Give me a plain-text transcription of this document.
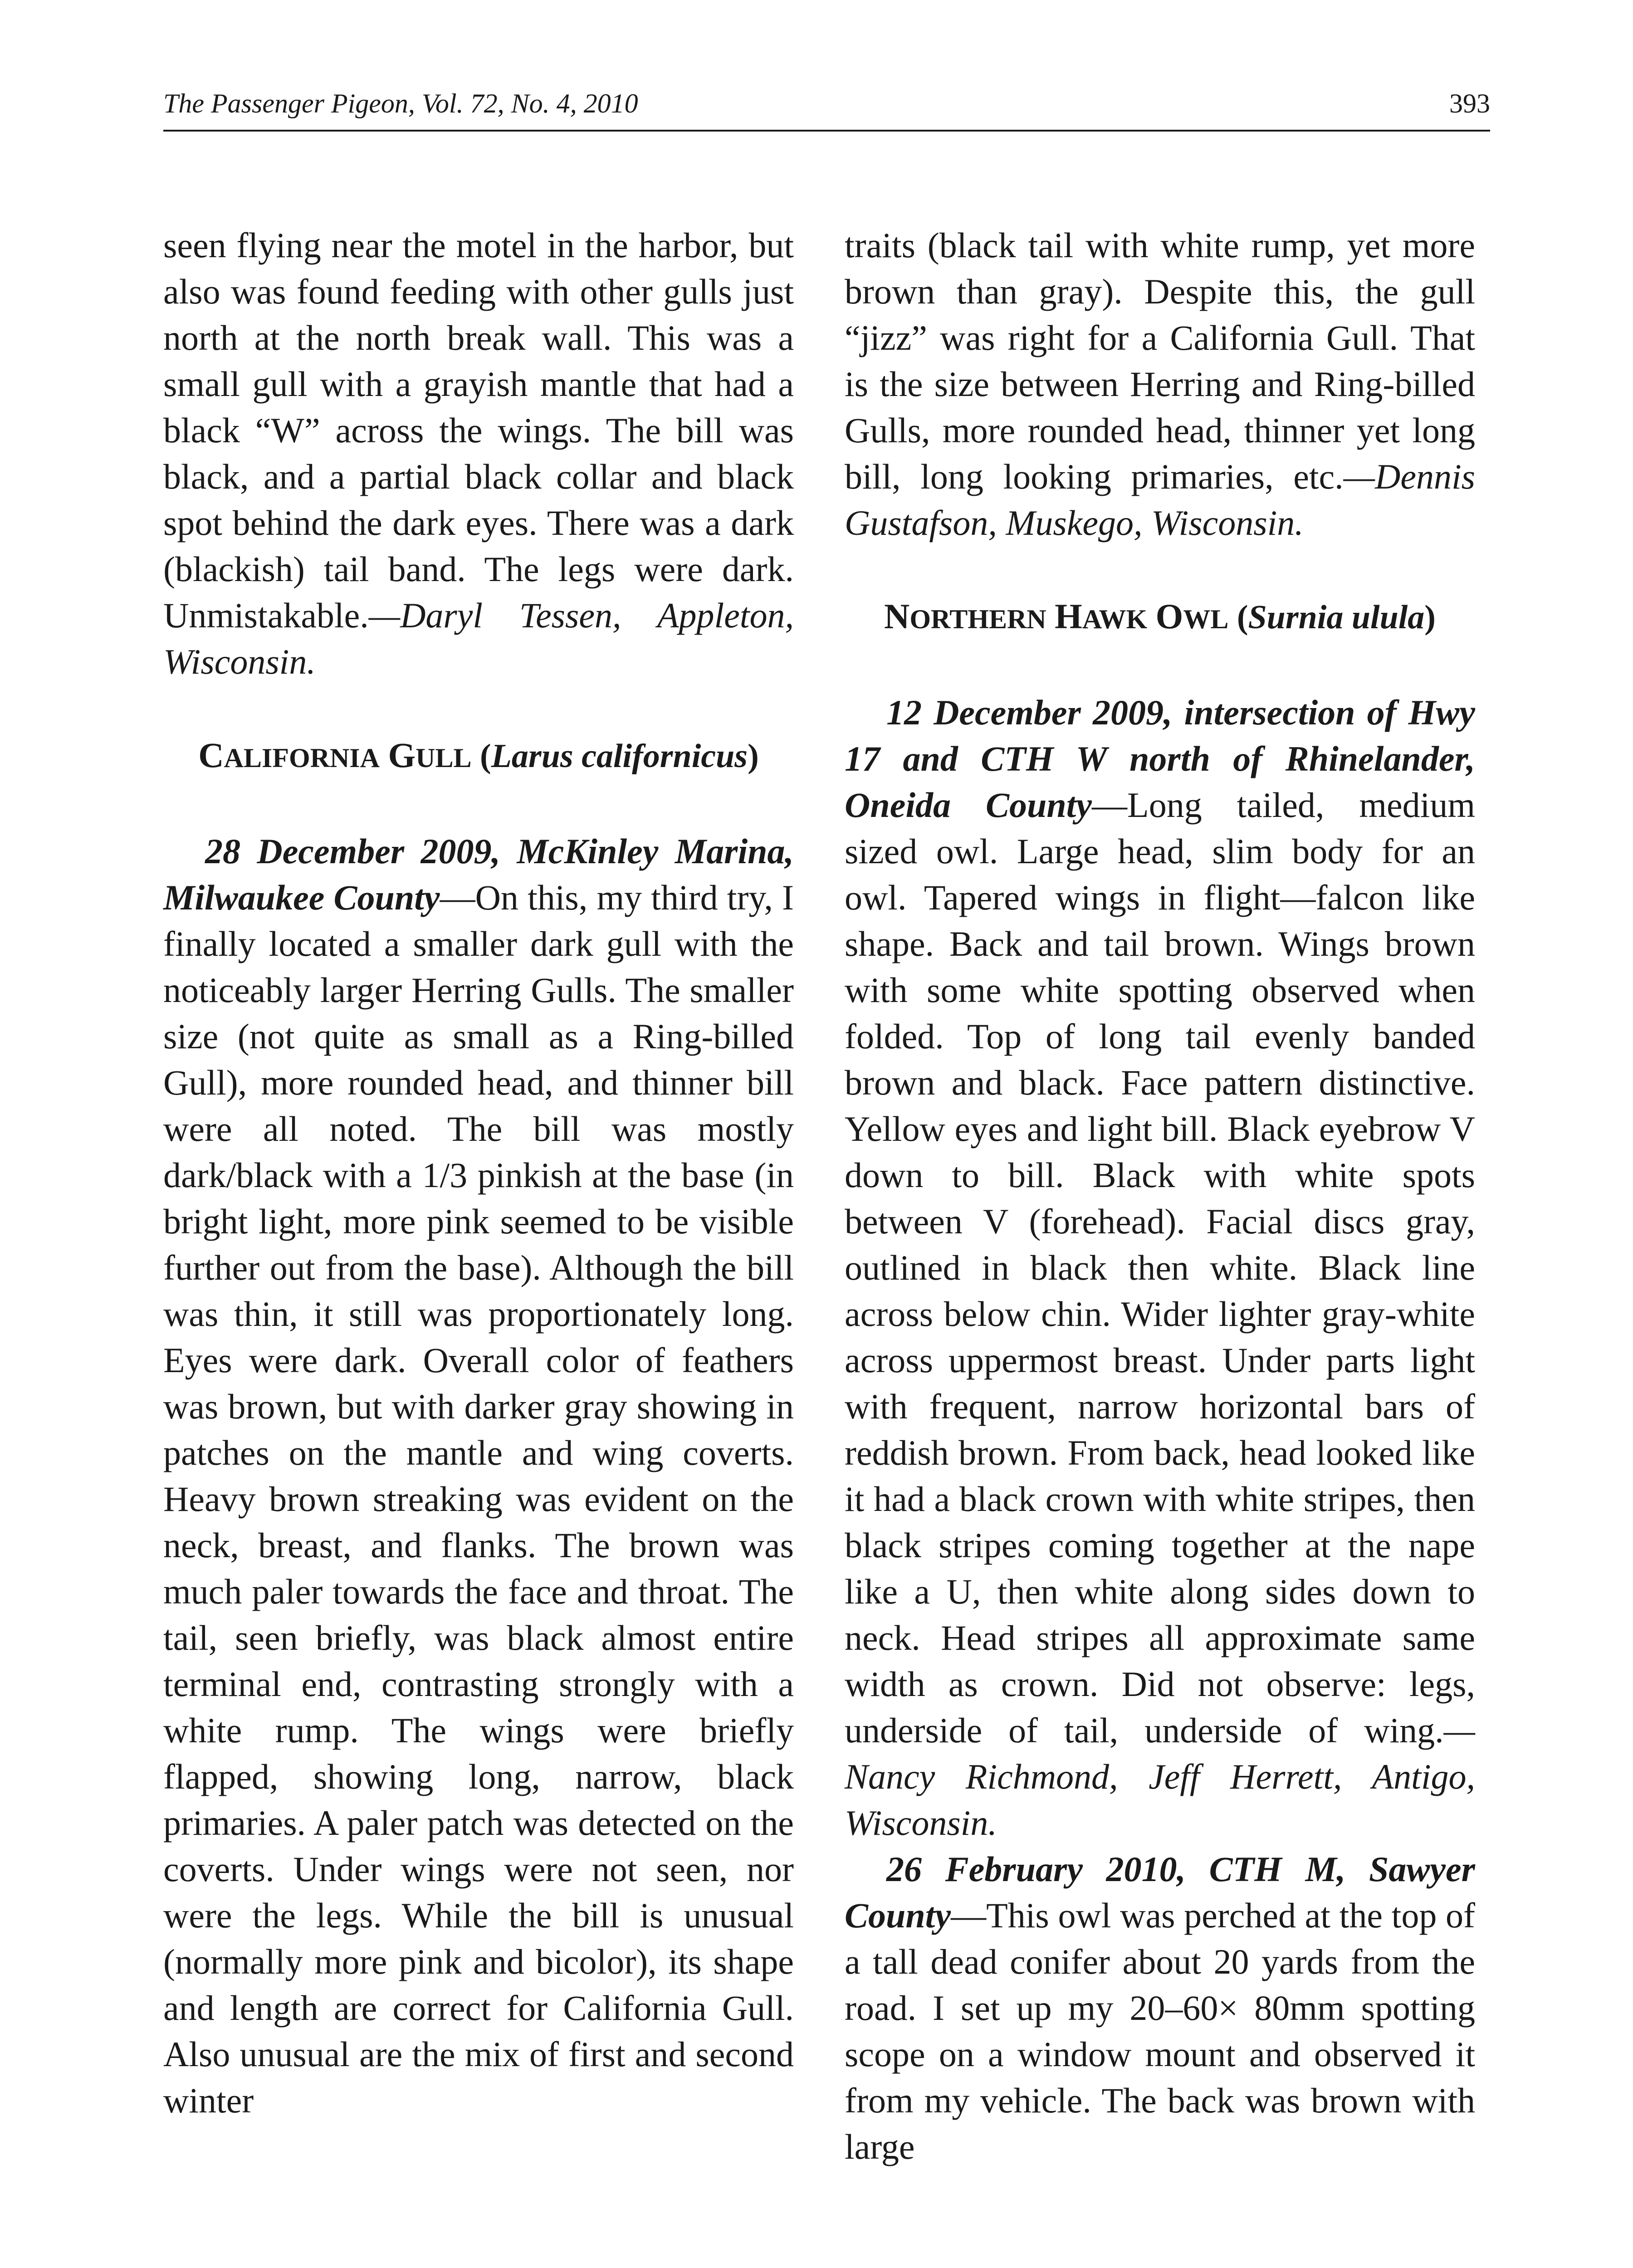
The Passenger Pigeon, Vol. 72, No. 4, 2010	393

seen flying near the motel in the harbor, but also was found feeding with other gulls just north at the north break wall. This was a small gull with a grayish mantle that had a black “W” across the wings. The bill was black, and a partial black collar and black spot behind the dark eyes. There was a dark (blackish) tail band. The legs were dark. Unmistakable.—Daryl Tessen, Appleton, Wisconsin.

CALIFORNIA GULL (Larus californicus)

28 December 2009, McKinley Marina, Milwaukee County—On this, my third try, I finally located a smaller dark gull with the noticeably larger Herring Gulls. The smaller size (not quite as small as a Ring-billed Gull), more rounded head, and thinner bill were all noted. The bill was mostly dark/black with a 1/3 pinkish at the base (in bright light, more pink seemed to be visible further out from the base). Although the bill was thin, it still was proportionately long. Eyes were dark. Overall color of feathers was brown, but with darker gray showing in patches on the mantle and wing coverts. Heavy brown streaking was evident on the neck, breast, and flanks. The brown was much paler towards the face and throat. The tail, seen briefly, was black almost entire terminal end, contrasting strongly with a white rump. The wings were briefly flapped, showing long, narrow, black primaries. A paler patch was detected on the coverts. Under wings were not seen, nor were the legs. While the bill is unusual (normally more pink and bicolor), its shape and length are correct for California Gull. Also unusual are the mix of first and second winter

traits (black tail with white rump, yet more brown than gray). Despite this, the gull “jizz” was right for a California Gull. That is the size between Herring and Ring-billed Gulls, more rounded head, thinner yet long bill, long looking primaries, etc.—Dennis Gustafson, Muskego, Wisconsin.

NORTHERN HAWK OWL (Surnia ulula)

12 December 2009, intersection of Hwy 17 and CTH W north of Rhinelander, Oneida County—Long tailed, medium sized owl. Large head, slim body for an owl. Tapered wings in flight—falcon like shape. Back and tail brown. Wings brown with some white spotting observed when folded. Top of long tail evenly banded brown and black. Face pattern distinctive. Yellow eyes and light bill. Black eyebrow V down to bill. Black with white spots between V (forehead). Facial discs gray, outlined in black then white. Black line across below chin. Wider lighter gray-white across uppermost breast. Under parts light with frequent, narrow horizontal bars of reddish brown. From back, head looked like it had a black crown with white stripes, then black stripes coming together at the nape like a U, then white along sides down to neck. Head stripes all approximate same width as crown. Did not observe: legs, underside of tail, underside of wing.—Nancy Richmond, Jeff Herrett, Antigo, Wisconsin.

26 February 2010, CTH M, Sawyer County—This owl was perched at the top of a tall dead conifer about 20 yards from the road. I set up my 20–60× 80mm spotting scope on a window mount and observed it from my vehicle. The back was brown with large
